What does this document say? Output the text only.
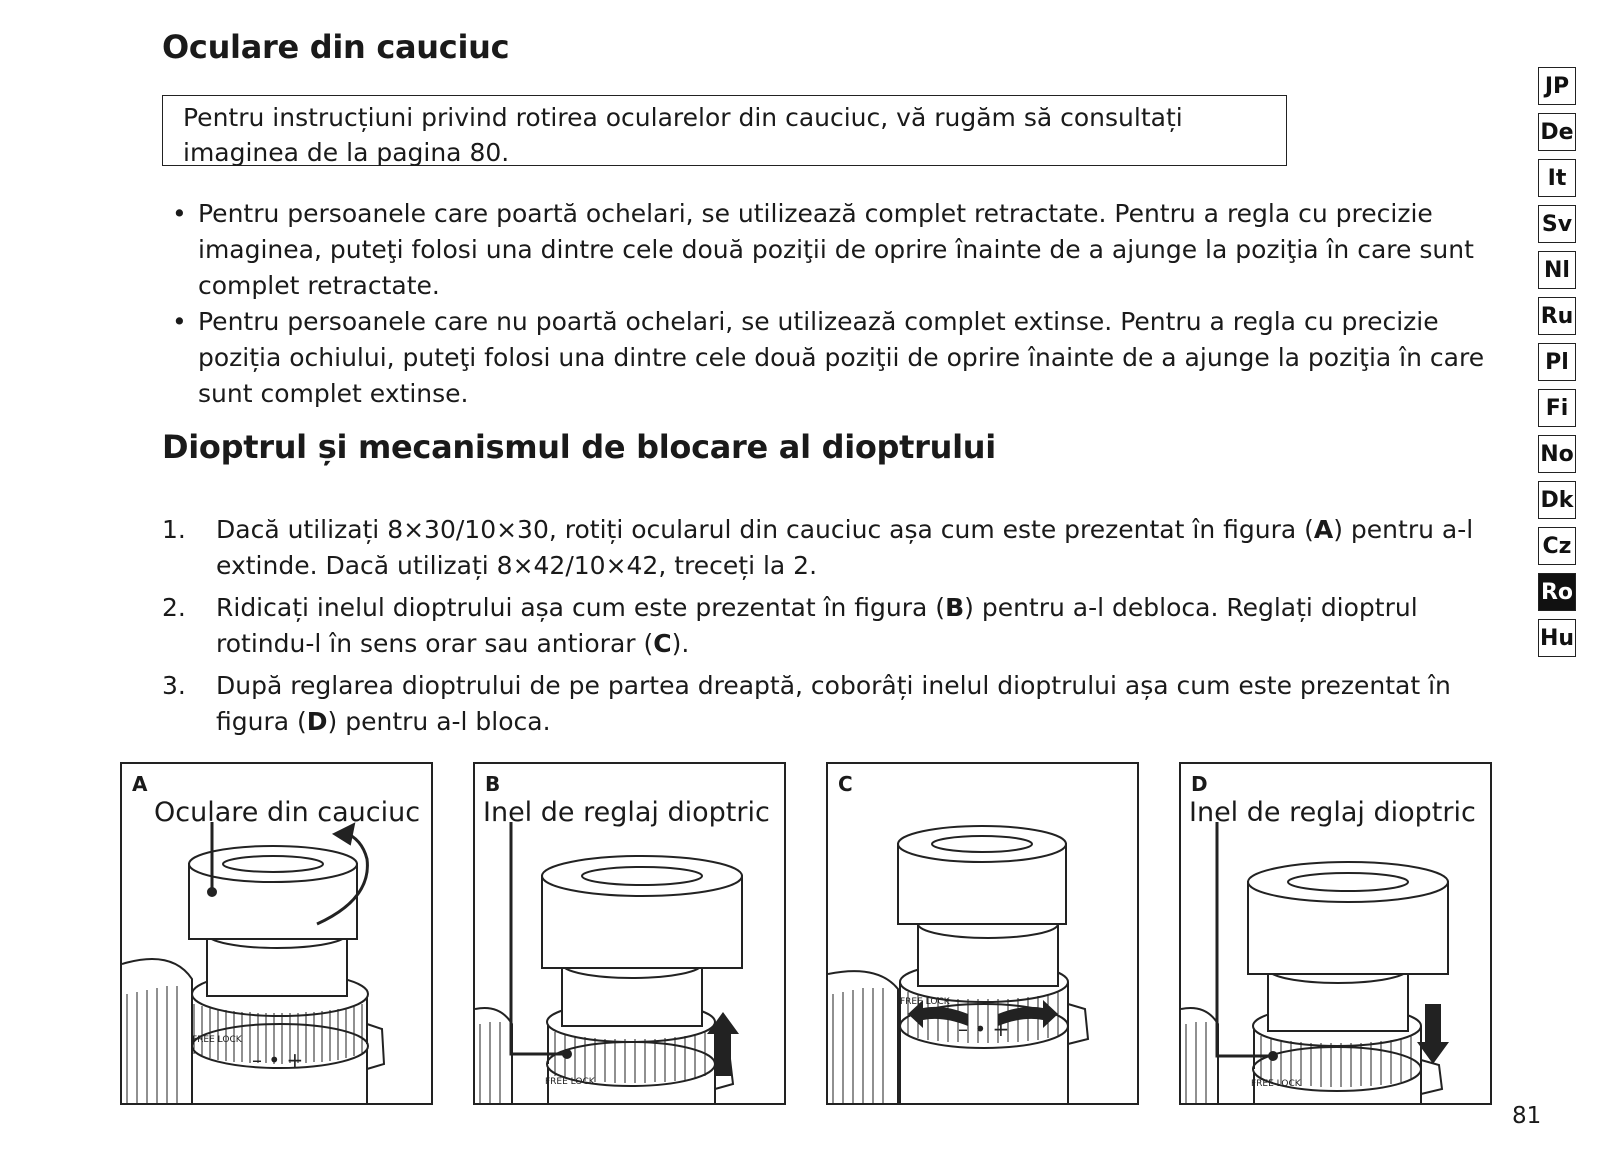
Oculare din cauciuc
Pentru instrucțiuni privind rotirea ocularelor din cauciuc, vă rugăm să consultați imaginea de la pagina 80.
• Pentru persoanele care poartă ochelari, se utilizează complet retractate. Pentru a regla cu precizie imaginea, puteţi folosi una dintre cele două poziţii de oprire înainte de a ajunge la poziţia în care sunt complet retractate.
• Pentru persoanele care nu poartă ochelari, se utilizează complet extinse. Pentru a regla cu precizie poziția ochiului, puteţi folosi una dintre cele două poziţii de oprire înainte de a ajunge la poziţia în care sunt complet extinse.
Dioptrul și mecanismul de blocare al dioptrului
1. Dacă utilizați 8×30/10×30, rotiți ocularul din cauciuc așa cum este prezentat în figura (A) pentru a-l extinde. Dacă utilizați 8×42/10×42, treceți la 2.
2. Ridicați inelul dioptrului așa cum este prezentat în figura (B) pentru a-l debloca. Reglați dioptrul rotindu-l în sens orar sau antiorar (C).
3. După reglarea dioptrului de pe partea dreaptă, coborâți inelul dioptrului așa cum este prezentat în figura (D) pentru a-l bloca.
JP
De
It
Sv
Nl
Ru
Pl
Fi
No
Dk
Cz
Ro
Hu
FREE LOCK
– • +
A
Oculare din cauciuc
FREE LOCK
B
Inel de reglaj dioptric
FREE LOCK
– • +
C
FREE LOCK
D
Inel de reglaj dioptric
81
